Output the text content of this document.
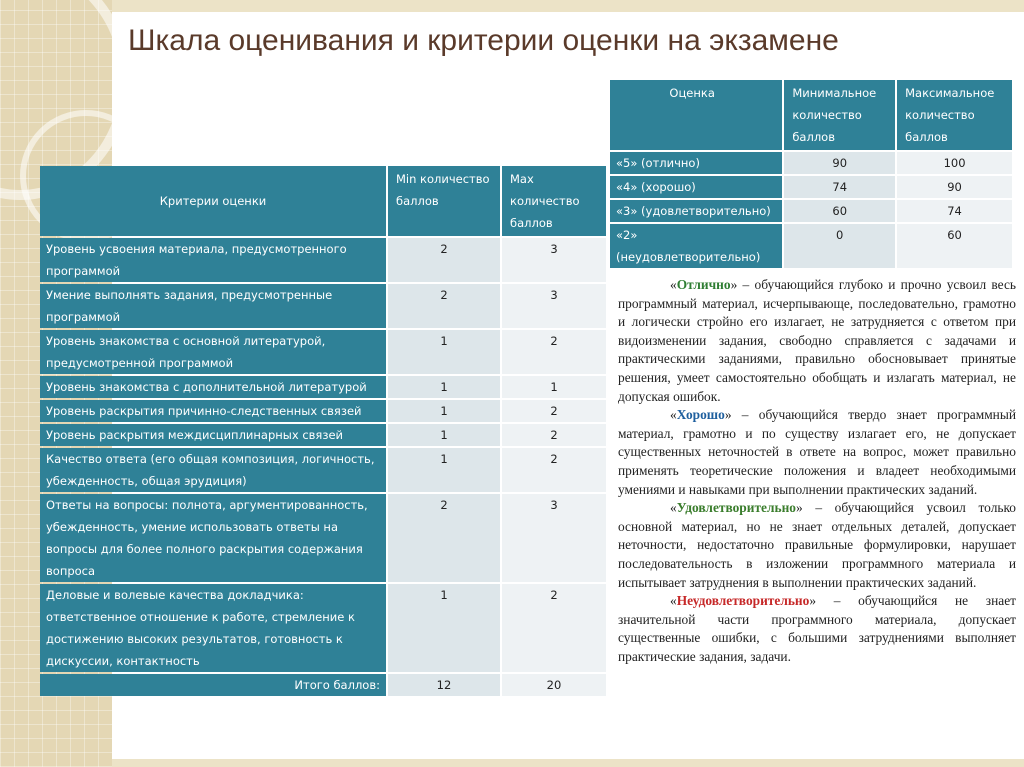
Шкала оценивания и критерии оценки на экзамене
Критерии оценки	Min количество баллов	Max количество баллов
Уровень усвоения материала, предусмотренного программой	2	3
Умение выполнять задания, предусмотренные программой	2	3
Уровень знакомства с основной литературой, предусмотренной программой	1	2
Уровень знакомства с дополнительной литературой	1	1
Уровень раскрытия причинно-следственных связей	1	2
Уровень раскрытия междисциплинарных связей	1	2
Качество ответа (его общая композиция, логичность, убежденность, общая эрудиция)	1	2
Ответы на вопросы: полнота, аргументированность, убежденность, умение использовать ответы на вопросы для более полного раскрытия содержания вопроса	2	3
Деловые и волевые качества докладчика: ответственное отношение к работе, стремление к достижению высоких результатов, готовность к дискуссии, контактность	1	2
Итого баллов:	12	20
Оценка	Минимальное количество баллов	Максимальное количество баллов
«5» (отлично)	90	100
«4» (хорошо)	74	90
«3» (удовлетворительно)	60	74
«2» (неудовлетворительно)	0	60

«Отлично» – обучающийся глубоко и прочно усвоил весь программный материал, исчерпывающе, последовательно, грамотно и логически стройно его излагает, не затрудняется с ответом при видоизменении задания, свободно справляется с задачами и практическими заданиями, правильно обосновывает принятые решения, умеет самостоятельно обобщать и излагать материал, не допуская ошибок.

«Хорошо» – обучающийся твердо знает программный материал, грамотно и по существу излагает его, не допускает существенных неточностей в ответе на вопрос, может правильно применять теоретические положения и владеет необходимыми умениями и навыками при выполнении практических заданий.

«Удовлетворительно» – обучающийся усвоил только основной материал, но не знает отдельных деталей, допускает неточности, недостаточно правильные формулировки, нарушает последовательность в изложении программного материала и испытывает затруднения в выполнении практических заданий.

«Неудовлетворительно» – обучающийся не знает значительной части программного материала, допускает существенные ошибки, с большими затруднениями выполняет практические задания, задачи.
